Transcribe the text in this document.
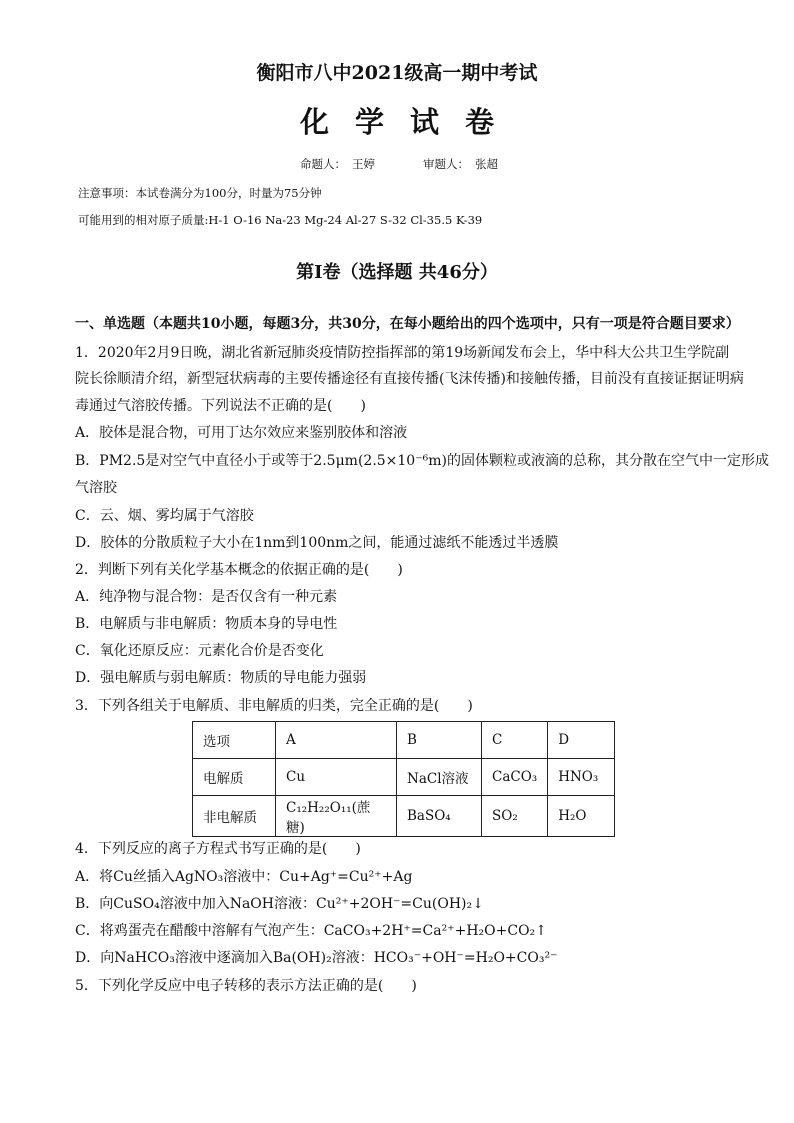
衡阳市八中2021级高一期中考试
化学试卷
命题人： 王婷	审题人： 张超
注意事项：本试卷满分为100分，时量为75分钟
可能用到的相对原子质量:H-1 O-16 Na-23 Mg-24 Al-27 S-32 Cl-35.5 K-39
第I卷（选择题 共46分）
一、单选题（本题共10小题，每题3分，共30分，在每小题给出的四个选项中，只有一项是符合题目要求）
1．2020年2月9日晚，湖北省新冠肺炎疫情防控指挥部的第19场新闻发布会上，华中科大公共卫生学院副
院长徐顺清介绍，新型冠状病毒的主要传播途径有直接传播(飞沫传播)和接触传播，目前没有直接证据证明病
毒通过气溶胶传播。下列说法不正确的是(　　)
A．胶体是混合物，可用丁达尔效应来鉴别胶体和溶液
B．PM2.5是对空气中直径小于或等于2.5μm(2.5×10⁻⁶m)的固体颗粒或液滴的总称，其分散在空气中一定形成
气溶胶
C．云、烟、雾均属于气溶胶
D．胶体的分散质粒子大小在1nm到100nm之间，能通过滤纸不能透过半透膜
2．判断下列有关化学基本概念的依据正确的是(　　)
A．纯净物与混合物：是否仅含有一种元素
B．电解质与非电解质：物质本身的导电性
C．氧化还原反应：元素化合价是否变化
D．强电解质与弱电解质：物质的导电能力强弱
3．下列各组关于电解质、非电解质的归类，完全正确的是(　　)
选项	A	B	C	D
电解质	Cu	NaCl溶液	CaCO₃	HNO₃
非电解质	C₁₂H₂₂O₁₁(蔗糖)	BaSO₄	SO₂	H₂O
4．下列反应的离子方程式书写正确的是(　　)
A．将Cu丝插入AgNO₃溶液中：Cu+Ag⁺=Cu²⁺+Ag
B．向CuSO₄溶液中加入NaOH溶液：Cu²⁺+2OH⁻=Cu(OH)₂↓
C．将鸡蛋壳在醋酸中溶解有气泡产生：CaCO₃+2H⁺=Ca²⁺+H₂O+CO₂↑
D．向NaHCO₃溶液中逐滴加入Ba(OH)₂溶液：HCO₃⁻+OH⁻=H₂O+CO₃²⁻
5．下列化学反应中电子转移的表示方法正确的是(　　)
